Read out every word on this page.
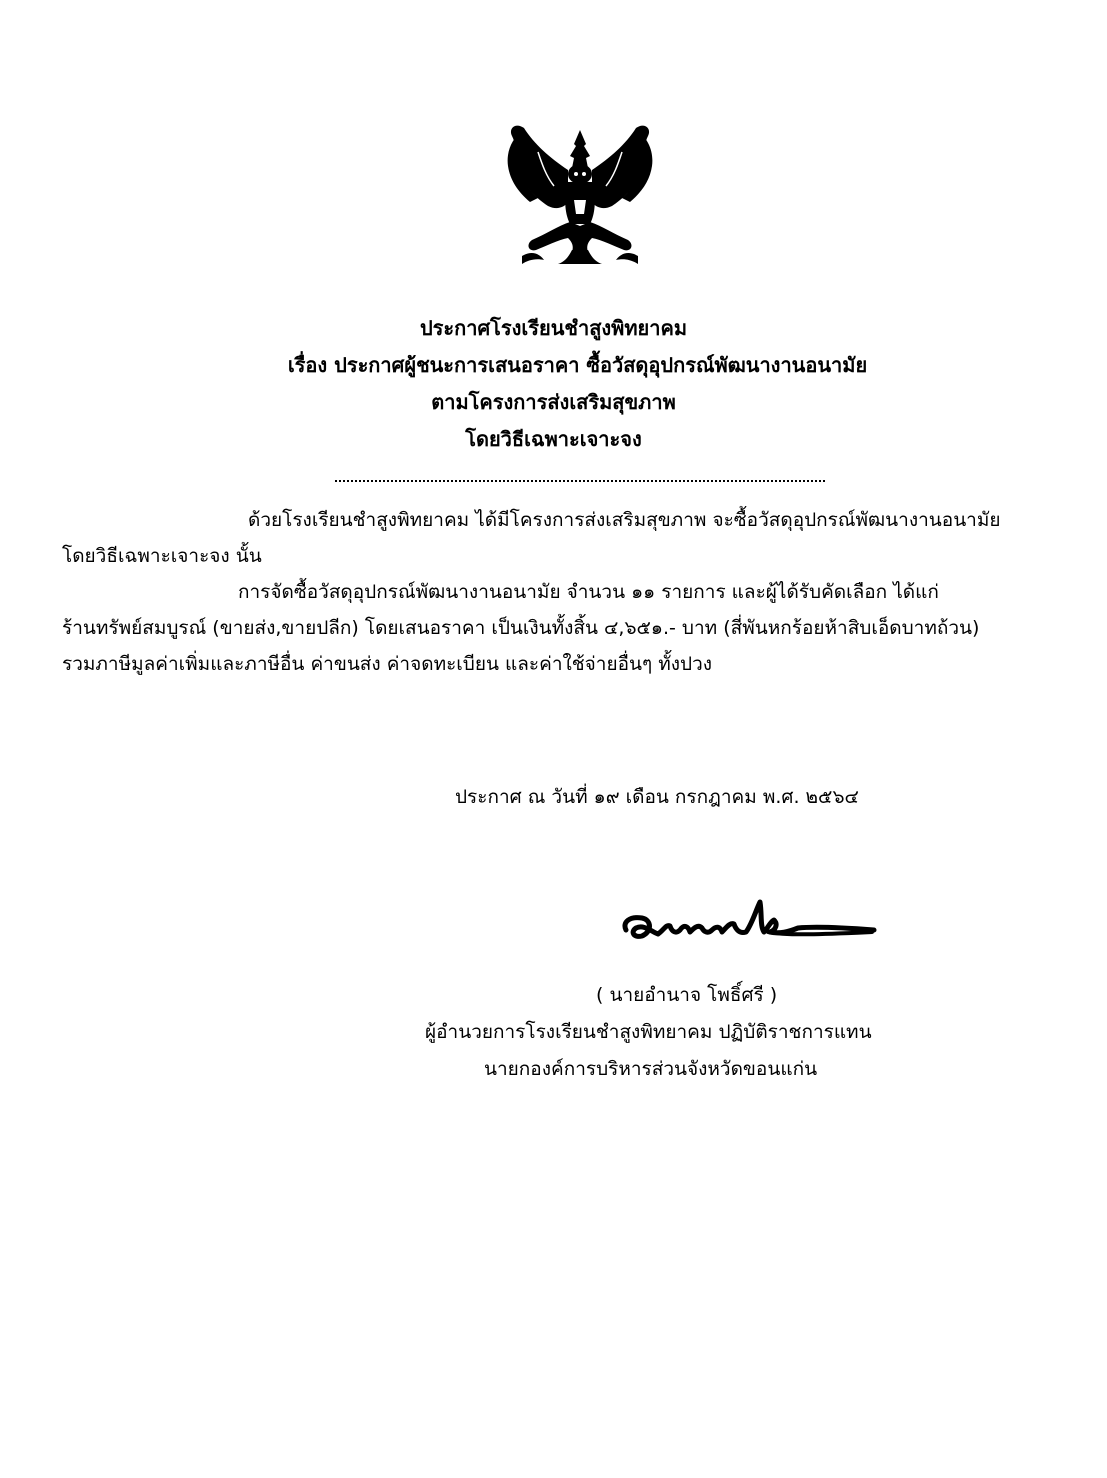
ประกาศโรงเรียนชำสูงพิทยาคม
เรื่อง ประกาศผู้ชนะการเสนอราคา ซื้อวัสดุอุปกรณ์พัฒนางานอนามัย
ตามโครงการส่งเสริมสุขภาพ
โดยวิธีเฉพาะเจาะจง
ด้วยโรงเรียนชำสูงพิทยาคม ได้มีโครงการส่งเสริมสุขภาพ จะซื้อวัสดุอุปกรณ์พัฒนางานอนามัย
โดยวิธีเฉพาะเจาะจง นั้น
การจัดซื้อวัสดุอุปกรณ์พัฒนางานอนามัย จำนวน ๑๑ รายการ และผู้ได้รับคัดเลือก ได้แก่
ร้านทรัพย์สมบูรณ์ (ขายส่ง,ขายปลีก) โดยเสนอราคา เป็นเงินทั้งสิ้น ๔,๖๕๑.- บาท (สี่พันหกร้อยห้าสิบเอ็ดบาทถ้วน)
รวมภาษีมูลค่าเพิ่มและภาษีอื่น ค่าขนส่ง ค่าจดทะเบียน และค่าใช้จ่ายอื่นๆ ทั้งปวง
ประกาศ ณ วันที่ ๑๙ เดือน กรกฎาคม พ.ศ. ๒๕๖๔
( นายอำนาจ โพธิ์ศรี )
ผู้อำนวยการโรงเรียนชำสูงพิทยาคม ปฏิบัติราชการแทน
นายกองค์การบริหารส่วนจังหวัดขอนแก่น
